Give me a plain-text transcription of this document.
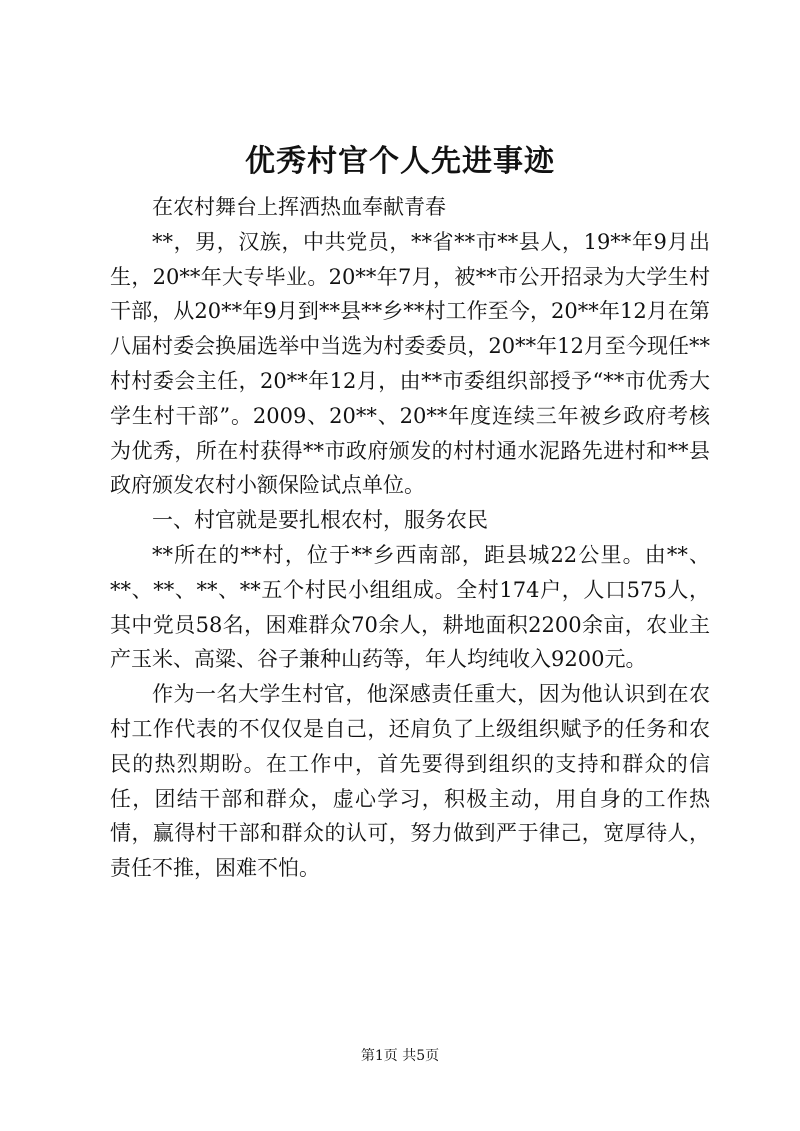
优秀村官个人先进事迹

在农村舞台上挥洒热血奉献青春

**，男，汉族，中共党员，**省**市**县人，19**年9月出生，20**年大专毕业。20**年7月，被**市公开招录为大学生村干部，从20**年9月到**县**乡**村工作至今，20**年12月在第八届村委会换届选举中当选为村委委员，20**年12月至今现任**村村委会主任，20**年12月，由**市委组织部授予“**市优秀大学生村干部”。2009、20**、20**年度连续三年被乡政府考核为优秀，所在村获得**市政府颁发的村村通水泥路先进村和**县政府颁发农村小额保险试点单位。

一、村官就是要扎根农村，服务农民

**所在的**村，位于**乡西南部，距县城22公里。由**、**、**、**、**五个村民小组组成。全村174户，人口575人，其中党员58名，困难群众70余人，耕地面积2200余亩，农业主产玉米、高粱、谷子兼种山药等，年人均纯收入9200元。

作为一名大学生村官，他深感责任重大，因为他认识到在农村工作代表的不仅仅是自己，还肩负了上级组织赋予的任务和农民的热烈期盼。在工作中，首先要得到组织的支持和群众的信任，团结干部和群众，虚心学习，积极主动，用自身的工作热情，赢得村干部和群众的认可，努力做到严于律己，宽厚待人，责任不推，困难不怕。

第1页 共5页
